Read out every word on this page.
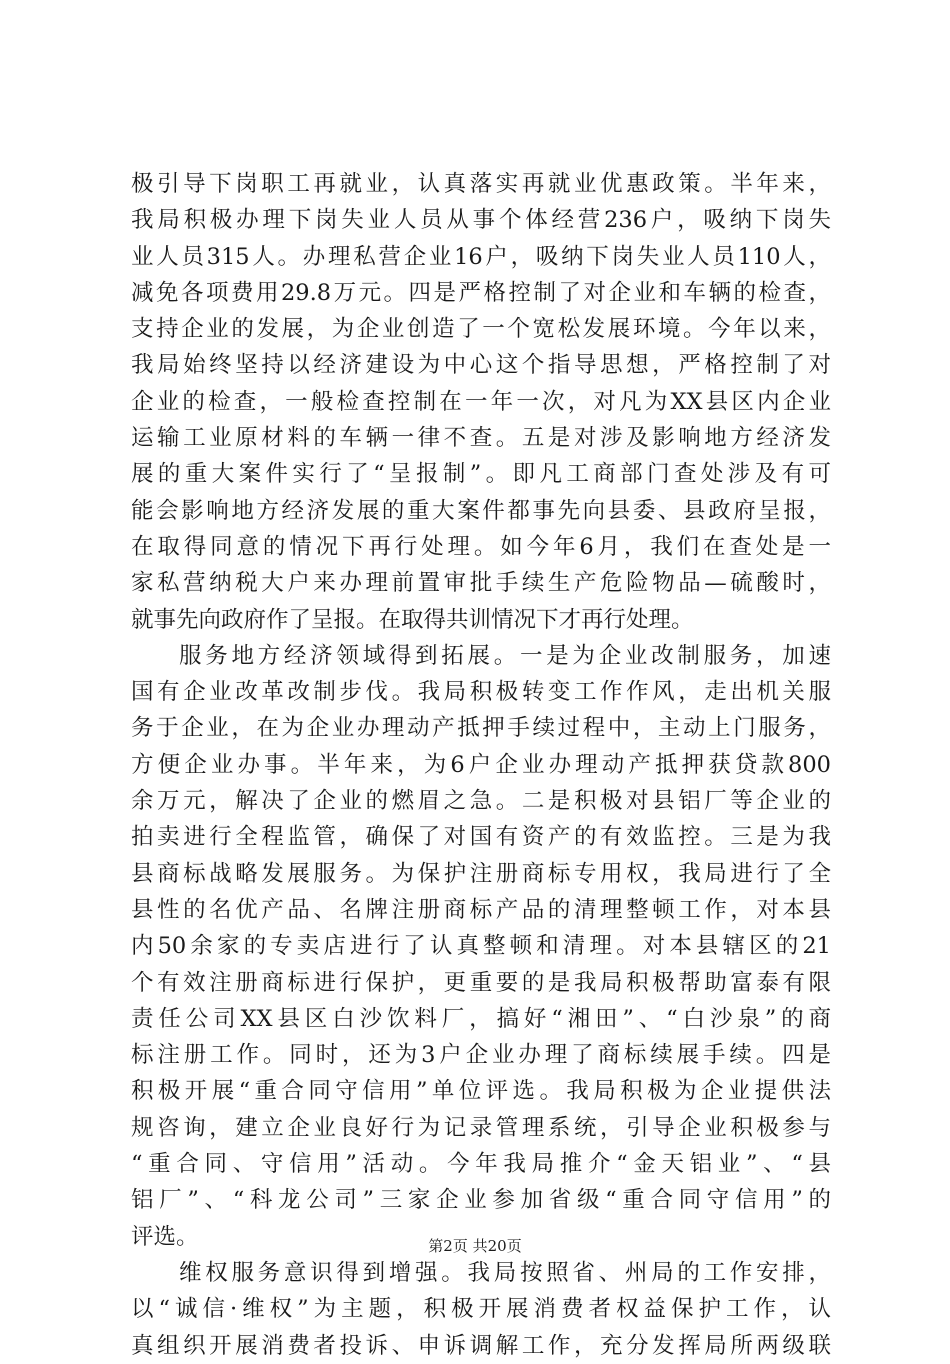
极引导下岗职工再就业，认真落实再就业优惠政策。半年来，
我局积极办理下岗失业人员从事个体经营236户，吸纳下岗失
业人员315人。办理私营企业16户，吸纳下岗失业人员110人，
减免各项费用29.8万元。四是严格控制了对企业和车辆的检查，
支持企业的发展，为企业创造了一个宽松发展环境。今年以来，
我局始终坚持以经济建设为中心这个指导思想，严格控制了对
企业的检查，一般检查控制在一年一次，对凡为XX县区内企业
运输工业原材料的车辆一律不查。五是对涉及影响地方经济发
展的重大案件实行了“呈报制”。即凡工商部门查处涉及有可
能会影响地方经济发展的重大案件都事先向县委、县政府呈报，
在取得同意的情况下再行处理。如今年6月，我们在查处是一
家私营纳税大户来办理前置审批手续生产危险物品—硫酸时，
就事先向政府作了呈报。在取得共训情况下才再行处理。
服务地方经济领域得到拓展。一是为企业改制服务，加速
国有企业改革改制步伐。我局积极转变工作作风，走出机关服
务于企业，在为企业办理动产抵押手续过程中，主动上门服务，
方便企业办事。半年来，为6户企业办理动产抵押获贷款800
余万元，解决了企业的燃眉之急。二是积极对县铝厂等企业的
拍卖进行全程监管，确保了对国有资产的有效监控。三是为我
县商标战略发展服务。为保护注册商标专用权，我局进行了全
县性的名优产品、名牌注册商标产品的清理整顿工作，对本县
内50余家的专卖店进行了认真整顿和清理。对本县辖区的21
个有效注册商标进行保护，更重要的是我局积极帮助富泰有限
责任公司XX县区白沙饮料厂，搞好“湘田”、“白沙泉”的商
标注册工作。同时，还为3户企业办理了商标续展手续。四是
积极开展“重合同守信用”单位评选。我局积极为企业提供法
规咨询，建立企业良好行为记录管理系统，引导企业积极参与
“重合同、守信用”活动。今年我局推介“金天铝业”、“县
铝厂”、“科龙公司”三家企业参加省级“重合同守信用”的
评选。
维权服务意识得到增强。我局按照省、州局的工作安排，
以“诚信·维权”为主题，积极开展消费者权益保护工作，认
真组织开展消费者投诉、申诉调解工作，充分发挥局所两级联
第2页 共20页
